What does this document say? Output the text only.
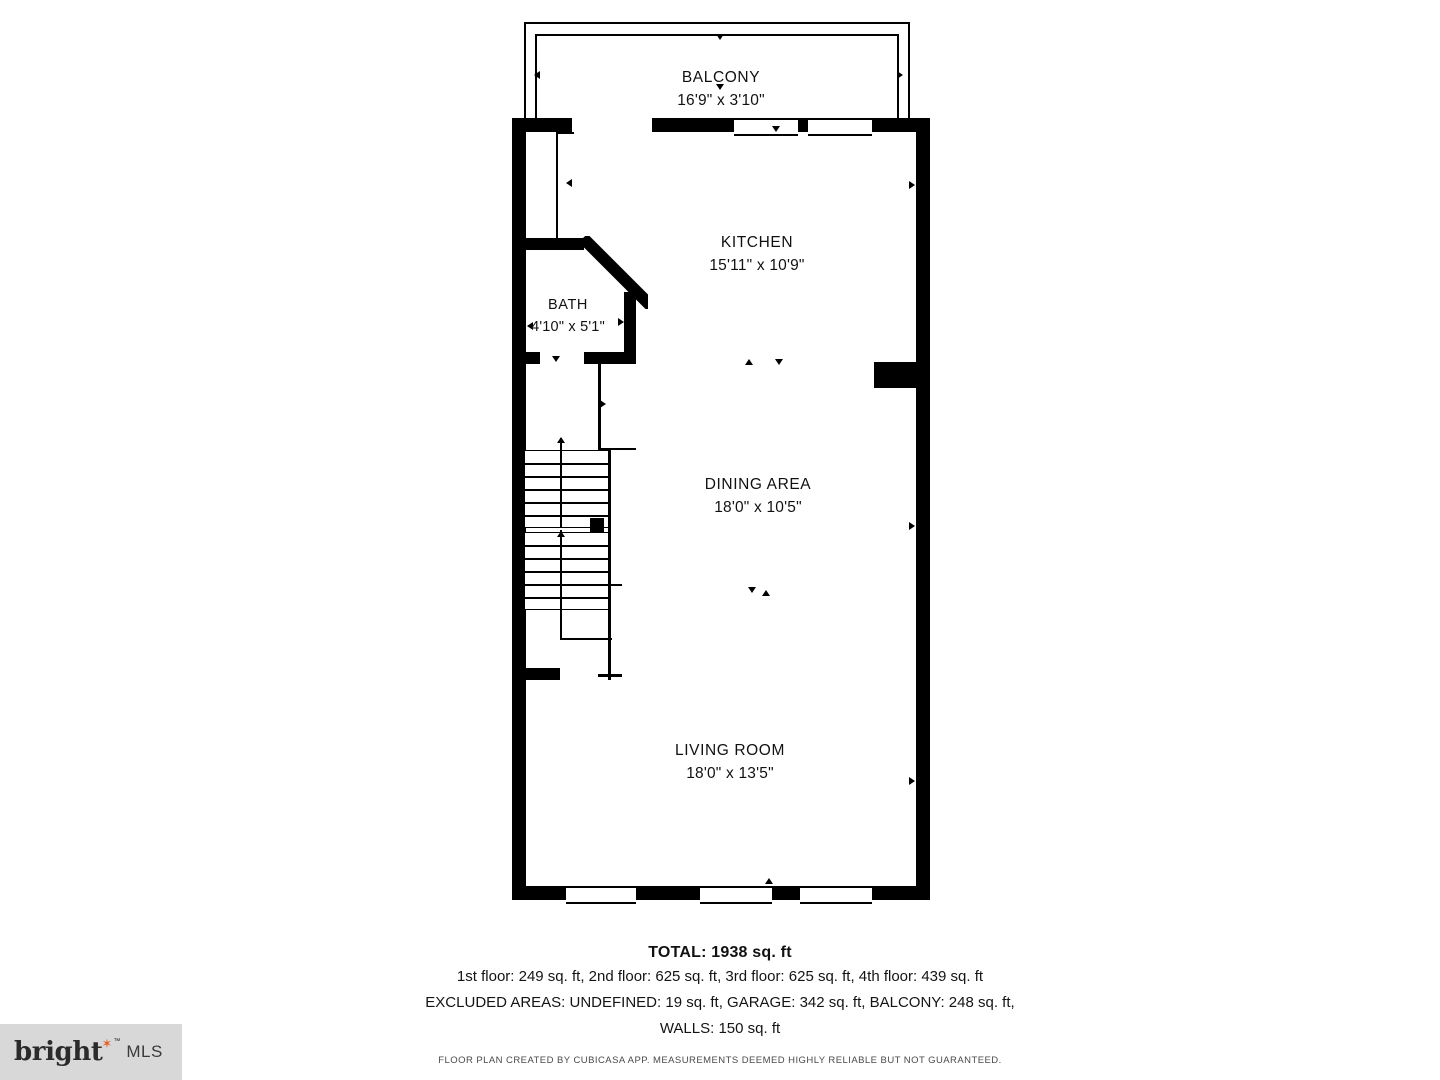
BALCONY
16'9" x 3'10"
BATH
4'10" x 5'1"
KITCHEN
15'11" x 10'9"
DINING AREA
18'0" x 10'5"
LIVING ROOM
18'0" x 13'5"
TOTAL: 1938 sq. ft
1st floor: 249 sq. ft, 2nd floor: 625 sq. ft, 3rd floor: 625 sq. ft, 4th floor: 439 sq. ft
EXCLUDED AREAS: UNDEFINED: 19 sq. ft, GARAGE: 342 sq. ft, BALCONY: 248 sq. ft,
WALLS: 150 sq. ft
FLOOR PLAN CREATED BY CUBICASA APP. MEASUREMENTS DEEMED HIGHLY RELIABLE BUT NOT GUARANTEED.
bright ✶ ™
MLS
